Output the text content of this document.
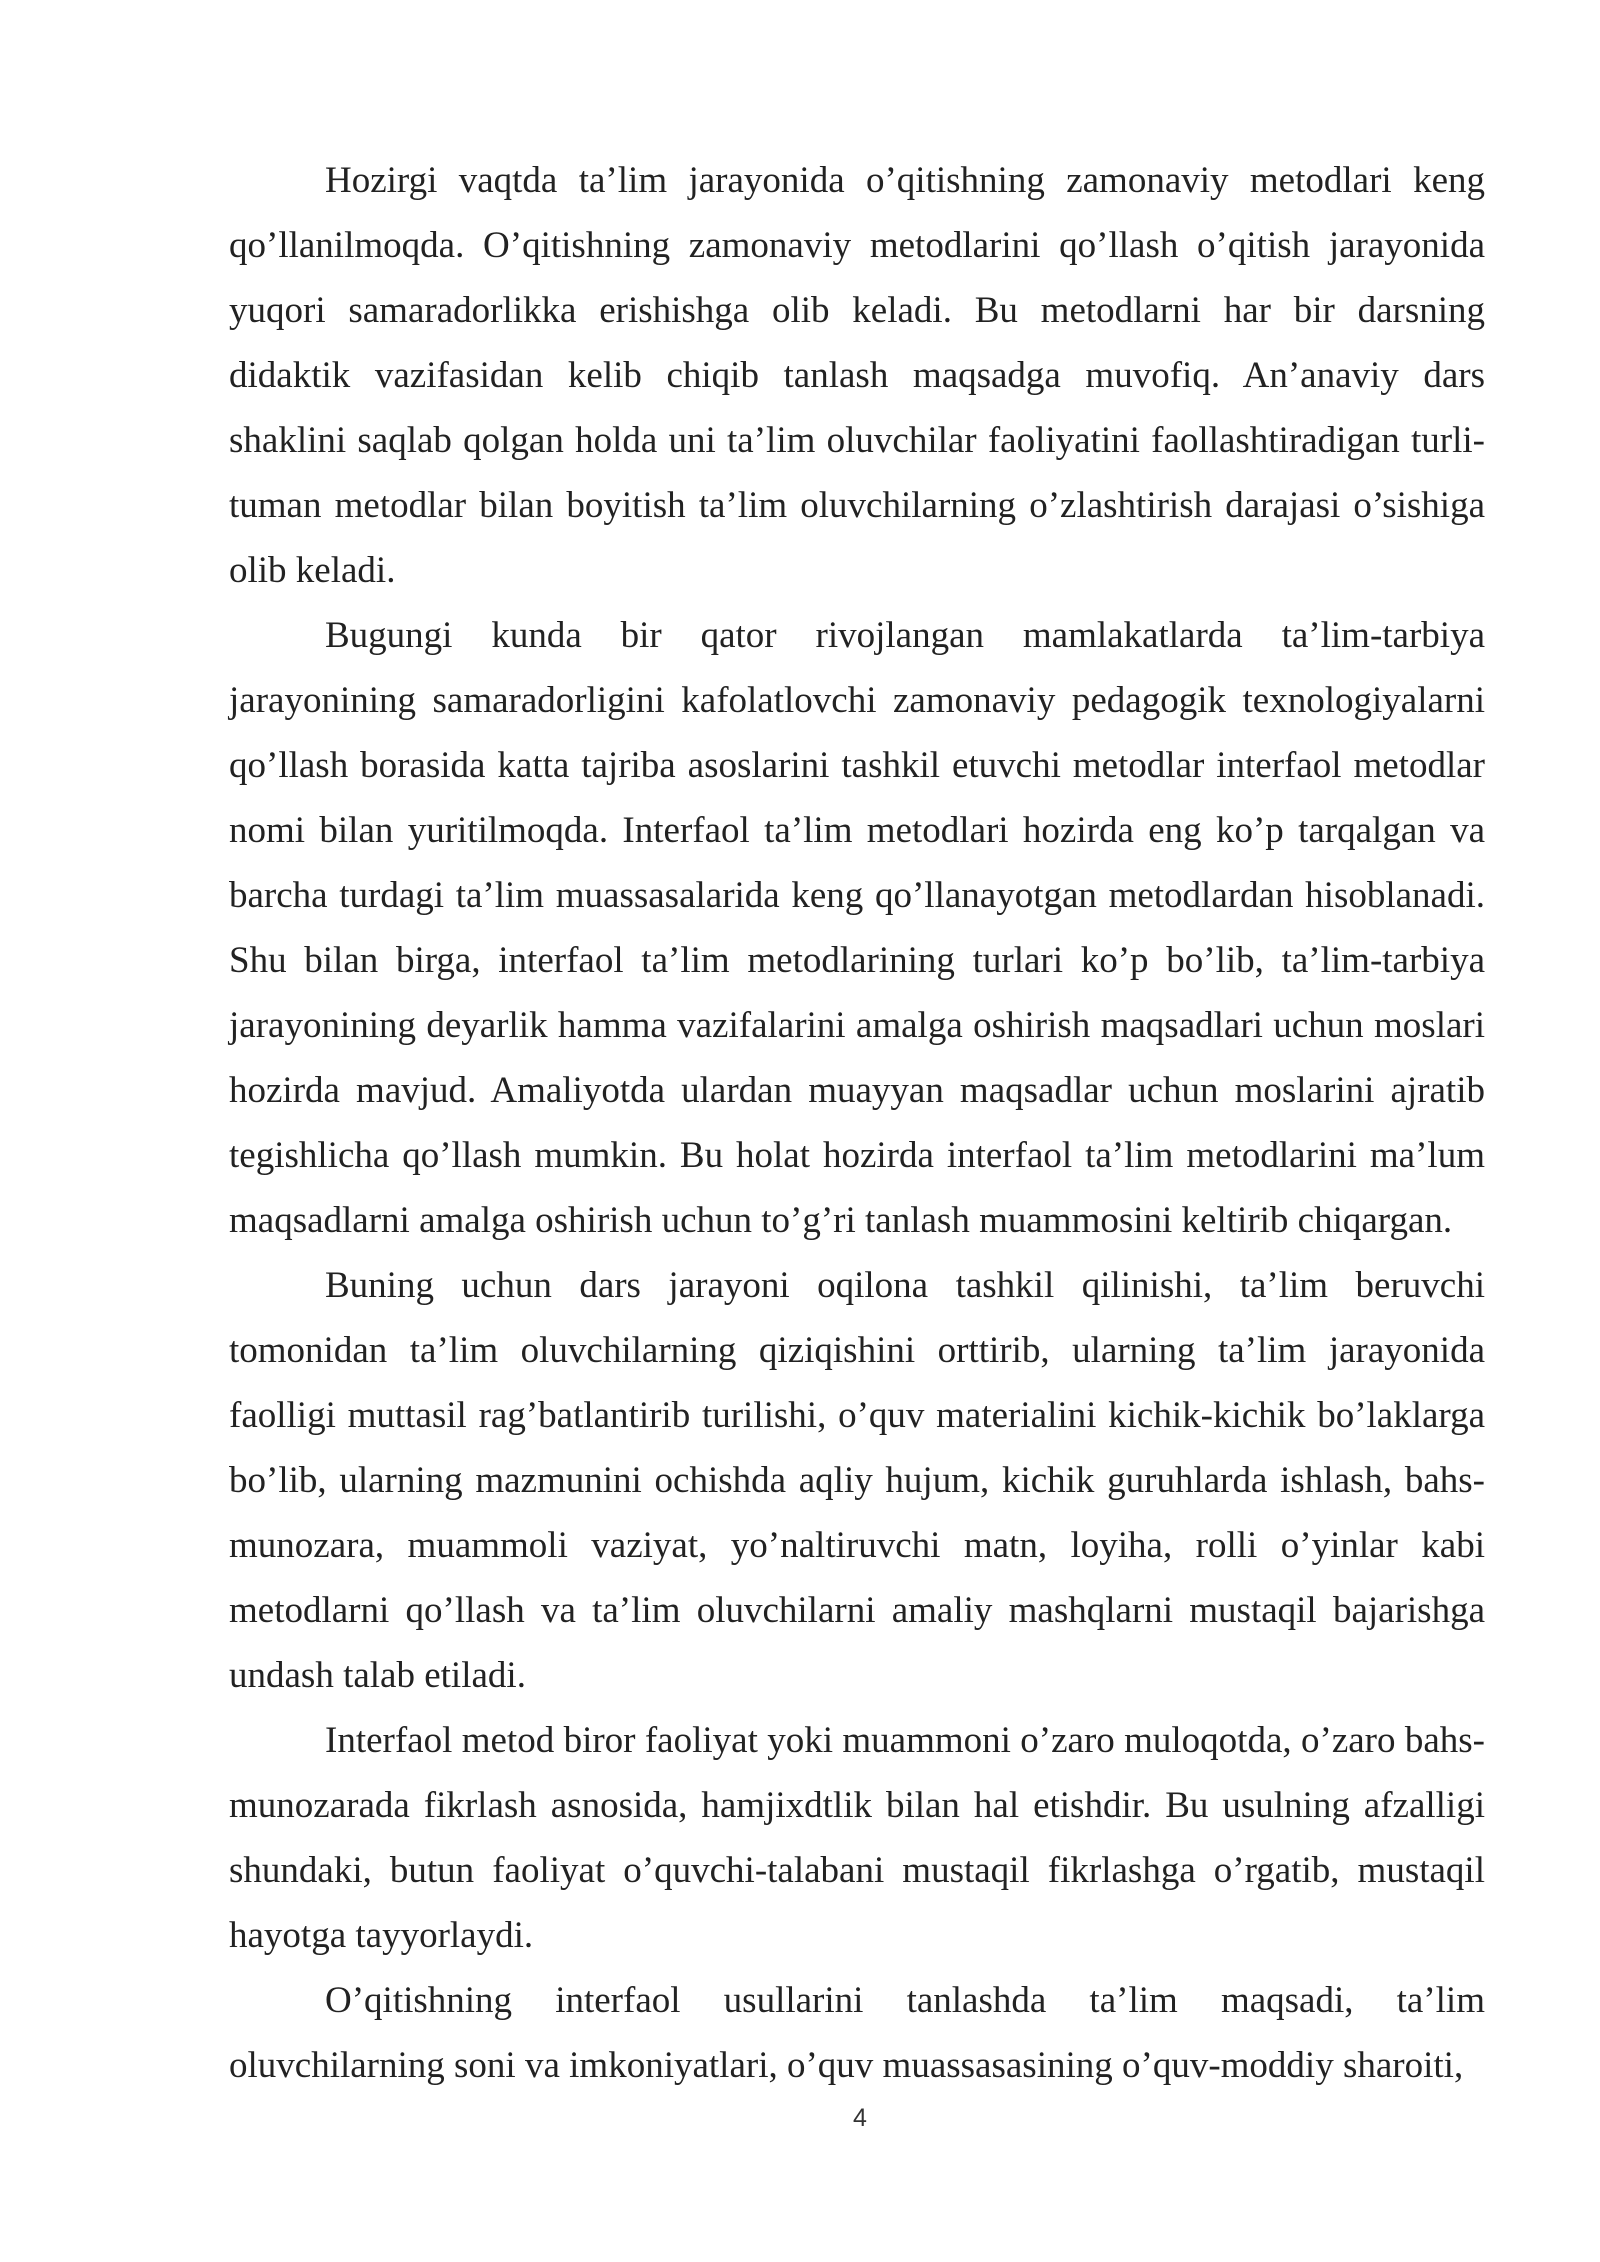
Hozirgi vaqtda ta’lim jarayonida o’qitishning zamonaviy metodlari keng qo’llanilmoqda. O’qitishning zamonaviy metodlarini qo’llash o’qitish jarayonida yuqori samaradorlikka erishishga olib keladi. Bu metodlarni har bir darsning didaktik vazifasidan kelib chiqib tanlash maqsadga muvofiq. An’anaviy dars shaklini saqlab qolgan holda uni ta’lim oluvchilar faoliyatini faollashtiradigan turli-tuman metodlar bilan boyitish ta’lim oluvchilarning o’zlashtirish darajasi o’sishiga olib keladi.

Bugungi kunda bir qator rivojlangan mamlakatlarda ta’lim-tarbiya jarayonining samaradorligini kafolatlovchi zamonaviy pedagogik texnologiyalarni qo’llash borasida katta tajriba asoslarini tashkil etuvchi metodlar interfaol metodlar nomi bilan yuritilmoqda. Interfaol ta’lim metodlari hozirda eng ko’p tarqalgan va barcha turdagi ta’lim muassasalarida keng qo’llanayotgan metodlardan hisoblanadi. Shu bilan birga, interfaol ta’lim metodlarining turlari ko’p bo’lib, ta’lim-tarbiya jarayonining deyarlik hamma vazifalarini amalga oshirish maqsadlari uchun moslari hozirda mavjud. Amaliyotda ulardan muayyan maqsadlar uchun moslarini ajratib tegishlicha qo’llash mumkin. Bu holat hozirda interfaol ta’lim metodlarini ma’lum maqsadlarni amalga oshirish uchun to’g’ri tanlash muammosini keltirib chiqargan.

Buning uchun dars jarayoni oqilona tashkil qilinishi, ta’lim beruvchi tomonidan ta’lim oluvchilarning qiziqishini orttirib, ularning ta’lim jarayonida faolligi muttasil rag’batlantirib turilishi, o’quv materialini kichik-kichik bo’laklarga bo’lib, ularning mazmunini ochishda aqliy hujum, kichik guruhlarda ishlash, bahs-munozara, muammoli vaziyat, yo’naltiruvchi matn, loyiha, rolli o’yinlar kabi metodlarni qo’llash va ta’lim oluvchilarni amaliy mashqlarni mustaqil bajarishga undash talab etiladi.

Interfaol metod biror faoliyat yoki muammoni o’zaro muloqotda, o’zaro bahs-munozarada fikrlash asnosida, hamjixdtlik bilan hal etishdir. Bu usulning afzalligi shundaki, butun faoliyat o’quvchi-talabani mustaqil fikrlashga o’rgatib, mustaqil hayotga tayyorlaydi.

O’qitishning interfaol usullarini tanlashda ta’lim maqsadi, ta’lim oluvchilarning soni va imkoniyatlari, o’quv muassasasining o’quv-moddiy sharoiti,

4
